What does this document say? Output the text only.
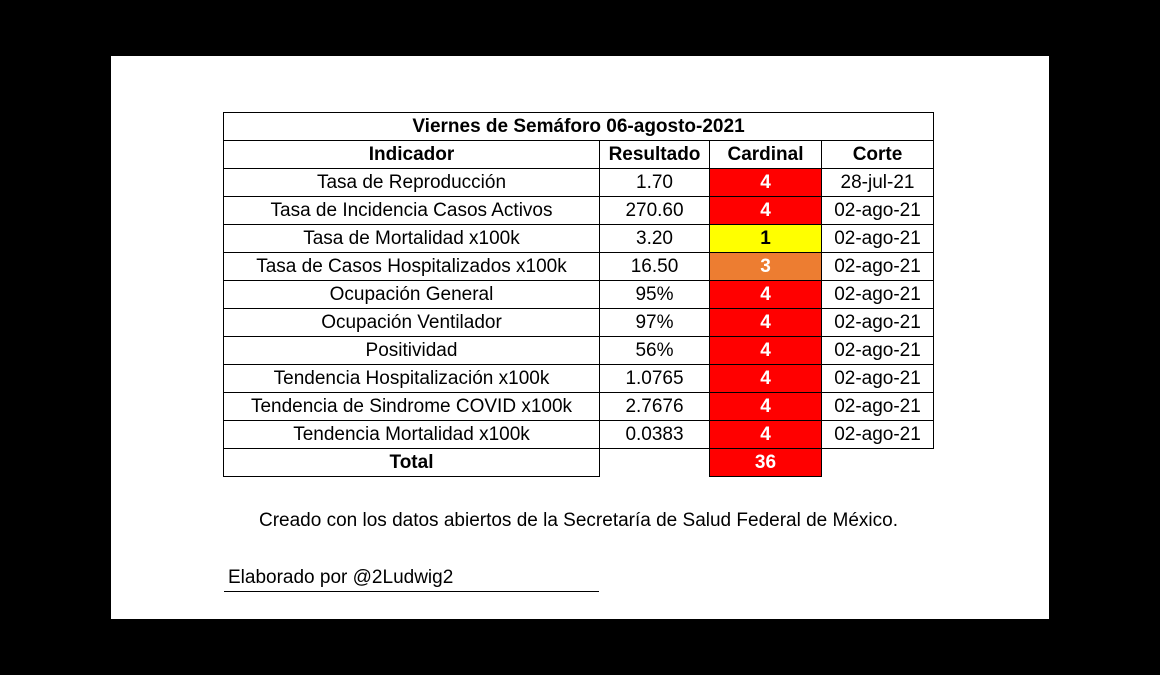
Viernes de Semáforo 06-agosto-2021			
Indicador	Resultado	Cardinal	Corte
Tasa de Reproducción	1.70	4	28-jul-21
Tasa de Incidencia Casos Activos	270.60	4	02-ago-21
Tasa de Mortalidad x100k	3.20	1	02-ago-21
Tasa de Casos Hospitalizados x100k	16.50	3	02-ago-21
Ocupación General	95%	4	02-ago-21
Ocupación Ventilador	97%	4	02-ago-21
Positividad	56%	4	02-ago-21
Tendencia Hospitalización x100k	1.0765	4	02-ago-21
Tendencia de Sindrome COVID x100k	2.7676	4	02-ago-21
Tendencia Mortalidad x100k	0.0383	4	02-ago-21
Total		36	
Creado con los datos abiertos de la Secretaría de Salud Federal de México.
Elaborado por @2Ludwig2
